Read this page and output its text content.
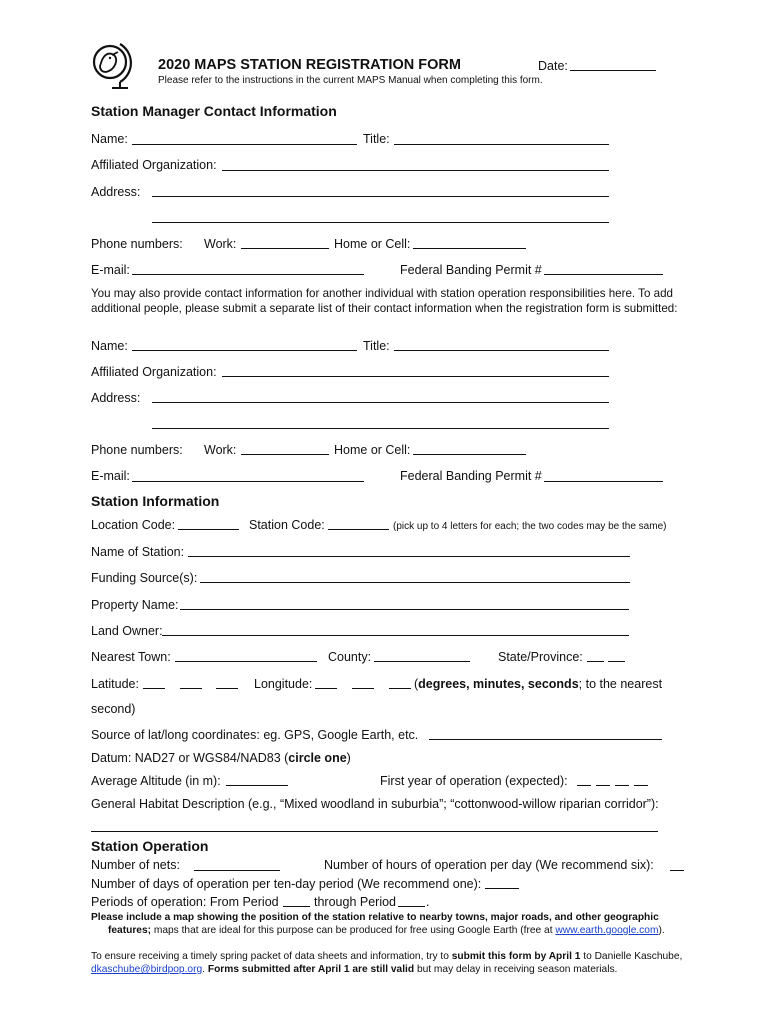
2020 MAPS STATION REGISTRATION FORM	Date:
Please refer to the instructions in the current MAPS Manual when completing this form.
Station Manager Contact Information
Name:	Title:
Affiliated Organization:
Address:
Phone numbers: Work:	Home or Cell:
E-mail:	Federal Banding Permit #
You may also provide contact information for another individual with station operation responsibilities here. To add additional people, please submit a separate list of their contact information when the registration form is submitted:
Name:	Title:
Affiliated Organization:
Address:
Phone numbers: Work:	Home or Cell:
E-mail:	Federal Banding Permit #
Station Information
Location Code:	Station Code:	(pick up to 4 letters for each; the two codes may be the same)
Name of Station:
Funding Source(s):
Property Name:
Land Owner:
Nearest Town:	County:	State/Province:
Latitude:	Longitude:	(degrees, minutes, seconds; to the nearest
second)
Source of lat/long coordinates: eg. GPS, Google Earth, etc.
Datum: NAD27 or WGS84/NAD83 (circle one)
Average Altitude (in m):	First year of operation (expected):
General Habitat Description (e.g., “Mixed woodland in suburbia”; “cottonwood-willow riparian corridor”):
Station Operation
Number of nets:	Number of hours of operation per day (We recommend six):
Number of days of operation per ten-day period (We recommend one):
Periods of operation: From Period	through Period .
Please include a map showing the position of the station relative to nearby towns, major roads, and other geographic features; maps that are ideal for this purpose can be produced for free using Google Earth (free at www.earth.google.com).
To ensure receiving a timely spring packet of data sheets and information, try to submit this form by April 1 to Danielle Kaschube, dkaschube@birdpop.org. Forms submitted after April 1 are still valid but may delay in receiving season materials.
